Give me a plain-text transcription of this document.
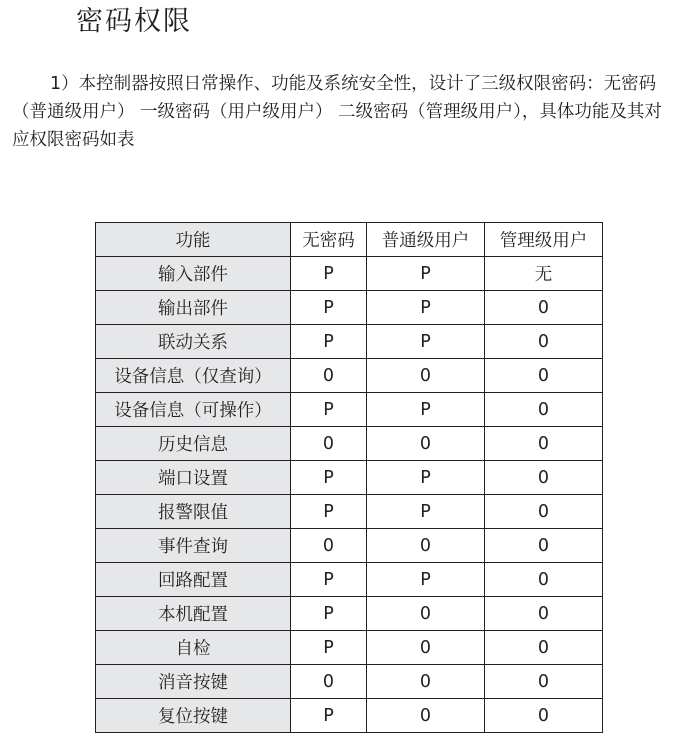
密码权限

1）本控制器按照日常操作、功能及系统安全性，设计了三级权限密码：无密码（普通级用户） 一级密码（用户级用户） 二级密码（管理级用户），具体功能及其对应权限密码如表

功能	无密码	普通级用户	管理级用户
输入部件	P	P	无
输出部件	P	P	0
联动关系	P	P	0
设备信息（仅查询）	0	0	0
设备信息（可操作）	P	P	0
历史信息	0	0	0
端口设置	P	P	0
报警限值	P	P	0
事件查询	0	0	0
回路配置	P	P	0
本机配置	P	0	0
自检	P	0	0
消音按键	0	0	0
复位按键	P	0	0
